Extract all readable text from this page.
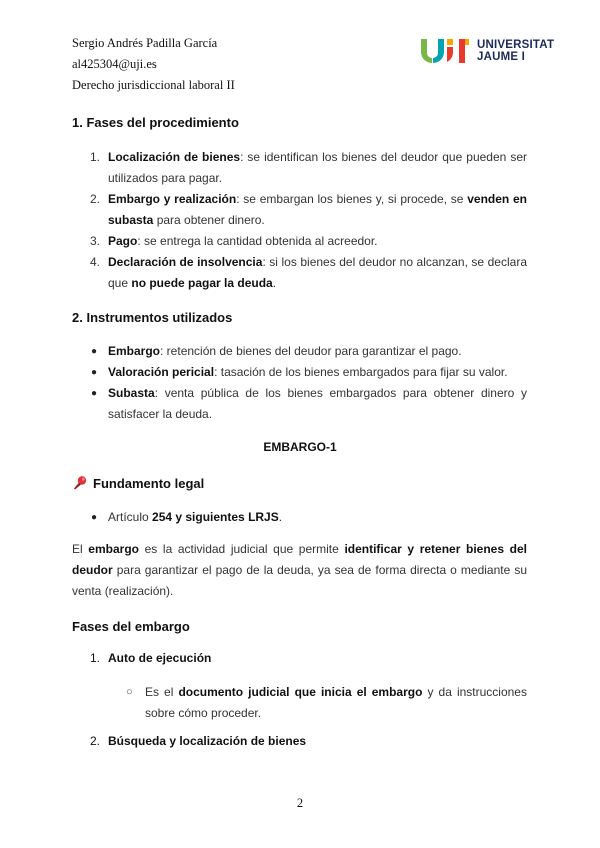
Sergio Andrés Padilla García
al425304@uji.es
Derecho jurisdiccional laboral II
UNIVERSITAT
JAUME I
1. Fases del procedimiento
1. Localización de bienes: se identifican los bienes del deudor que pueden ser utilizados para pagar.
2. Embargo y realización: se embargan los bienes y, si procede, se venden en subasta para obtener dinero.
3. Pago: se entrega la cantidad obtenida al acreedor.
4. Declaración de insolvencia: si los bienes del deudor no alcanzan, se declara que no puede pagar la deuda.
2. Instrumentos utilizados
● Embargo: retención de bienes del deudor para garantizar el pago.
● Valoración pericial: tasación de los bienes embargados para fijar su valor.
● Subasta: venta pública de los bienes embargados para obtener dinero y satisfacer la deuda.
EMBARGO-1
Fundamento legal
● Artículo 254 y siguientes LRJS.

El embargo es la actividad judicial que permite identificar y retener bienes del deudor para garantizar el pago de la deuda, ya sea de forma directa o mediante su venta (realización).

Fases del embargo
1. Auto de ejecución
○	Es el documento judicial que inicia el embargo y da instrucciones sobre cómo proceder.
2. Búsqueda y localización de bienes
2
